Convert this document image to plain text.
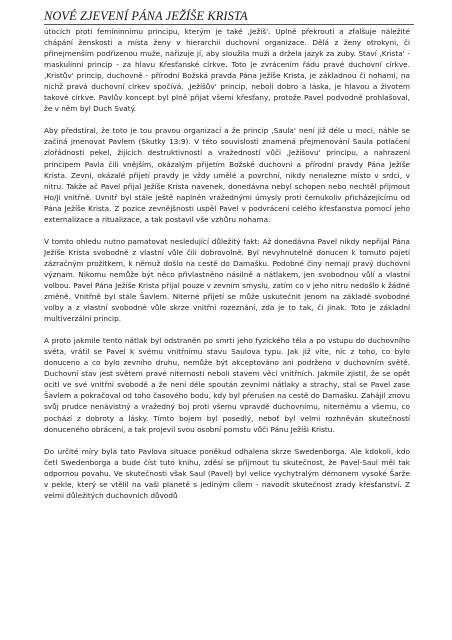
NOVÉ ZJEVENÍ PÁNA JEŽÍŠE KRISTA

útocích proti femininnímu principu, kterým je také ‚Ježíš'. Úplně překroutí a zfalšuje náležité chápání ženskosti a místa ženy v hierarchii duchovní organizace. Dělá z ženy otrokyni, či přinejmenším podřízenou muže, nařizuje jí, aby sloužila muži a držela jazyk za zuby. Staví ‚Krista' - maskulinní princip - za hlavu Křesťanské církve. Toto je zvrácením řádu pravé duchovní církve. ‚Kristův' princip, duchovně - přírodní Božská pravda Pána Ježíše Krista, je základnou či nohami, na nichž pravá duchovní církev spočívá. ‚Ježíšův' princip, neboli dobro a láska, je hlavou a životem takové církve. Pavlův koncept byl plně přijat všemi křesťany, protože Pavel podvodně prohlašoval, že v něm byl Duch Svatý.

Aby předstíral, že toto je tou pravou organizací a že princip ‚Saula' není již déle u moci, náhle se začíná jmenovat Pavlem (Skutky 13:9). V této souvislosti znamená přejmenování Saula potlačení zlořádnosti pekel, žijících destruktivností a vražedností vůči ‚Ježíšovu' principu, a nahrazení principem Pavla čili vnějším, okázalým přijetím Božské duchovní a přírodní pravdy Pána Ježíše Krista. Zevní, okázalé přijetí pravdy je vždy umělé a povrchní, nikdy nenalezne místo v srdci, v nitru. Takže ač Pavel přijal Ježíše Krista navenek, donedávna nebyl schopen nebo nechtěl přijmout Ho/Ji vnitřně. Uvnitř byl stále ještě naplněn vražednými úmysly proti čemukoliv přicházejícímu od Pána Ježíše Krista. Z pozice zevnějšnosti uspěl Pavel v podvrácení celého křesťanstva pomocí jeho externalizace a ritualizace, a tak postavil vše vzhůru nohama.

V tomto ohledu nutno pamatovat nesledující důležitý fakt: Až donedávna Pavel nikdy nepřijal Pána Ježíše Krista svobodně z vlastní vůle čili dobrovolně. Byl nevyhnutelně donucen k tomuto pojetí zázračným prožitkem, k němuž došlo na cestě do Damašku. Podobné činy nemají pravý duchovní význam. Nikomu nemůže být něco přivlastněno násilně a nátlakem, jen svobodnou vůlí a vlastní volbou. Pavel Pána Ježíše Krista přijal pouze v zevním smyslu, zatím co v jeho nitru nedošlo k žádné změně. Vnitřně byl stále Šavlem. Niterné přijetí se může uskutečnit jenom na základě svobodné volby a z vlastní svobodné vůle skrze vnitřní rozeznání, zda je to tak, či jinak. Toto je základní multiverzální princip.

A proto jakmile tento nátlak byl odstraněn po smrti jeho fyzického těla a po vstupu do duchovního světa, vrátil se Pavel k svému vnitřnímu stavu Saulova typu. Jak již víte, nic z toho, co bylo donuceno a co bylo zevního druhu, nemůže být akceptováno ani podrženo v duchovním světě. Duchovní stav jest světem pravé niternosti neboli stavem věcí vnitřních. Jakmile zjistil, že se opět ocitl ve své vnitřní svobodě a že není déle spoután zevními nátlaky a strachy, stal se Pavel zase Šavlem a pokračoval od toho časového bodu, kdy byl přerušen na cestě do Damašku. Zahájil znovu svůj prudce nenávistný a vražedný boj proti všemu vpravdě duchovnímu, niternému a všemu, co pochází z dobroty a lásky. Tímto bojem byl posedlý, neboť byl velmi rozhněván skutečností donuceného obrácení, a tak projevil svou osobní pomstu vůči Pánu Ježíši Kristu.

Do určité míry byla tato Pavlova situace poněkud odhalena skrze Swedenborga. Ale kdokoli, kdo četl Swedenborga a bude číst tuto knihu, zděsí se přijmout tu skutečnost, že Pavel-Saul měl tak odpornou povahu. Ve skutečnosti však Saul (Pavel) byl velice vychytralým démonem vysoké Šarže v pekle, který se vtělil na vaši planetě s jediným cílem - navodit skutečnost zrady křesťanství. Z velmi důležitých duchovních důvodů
